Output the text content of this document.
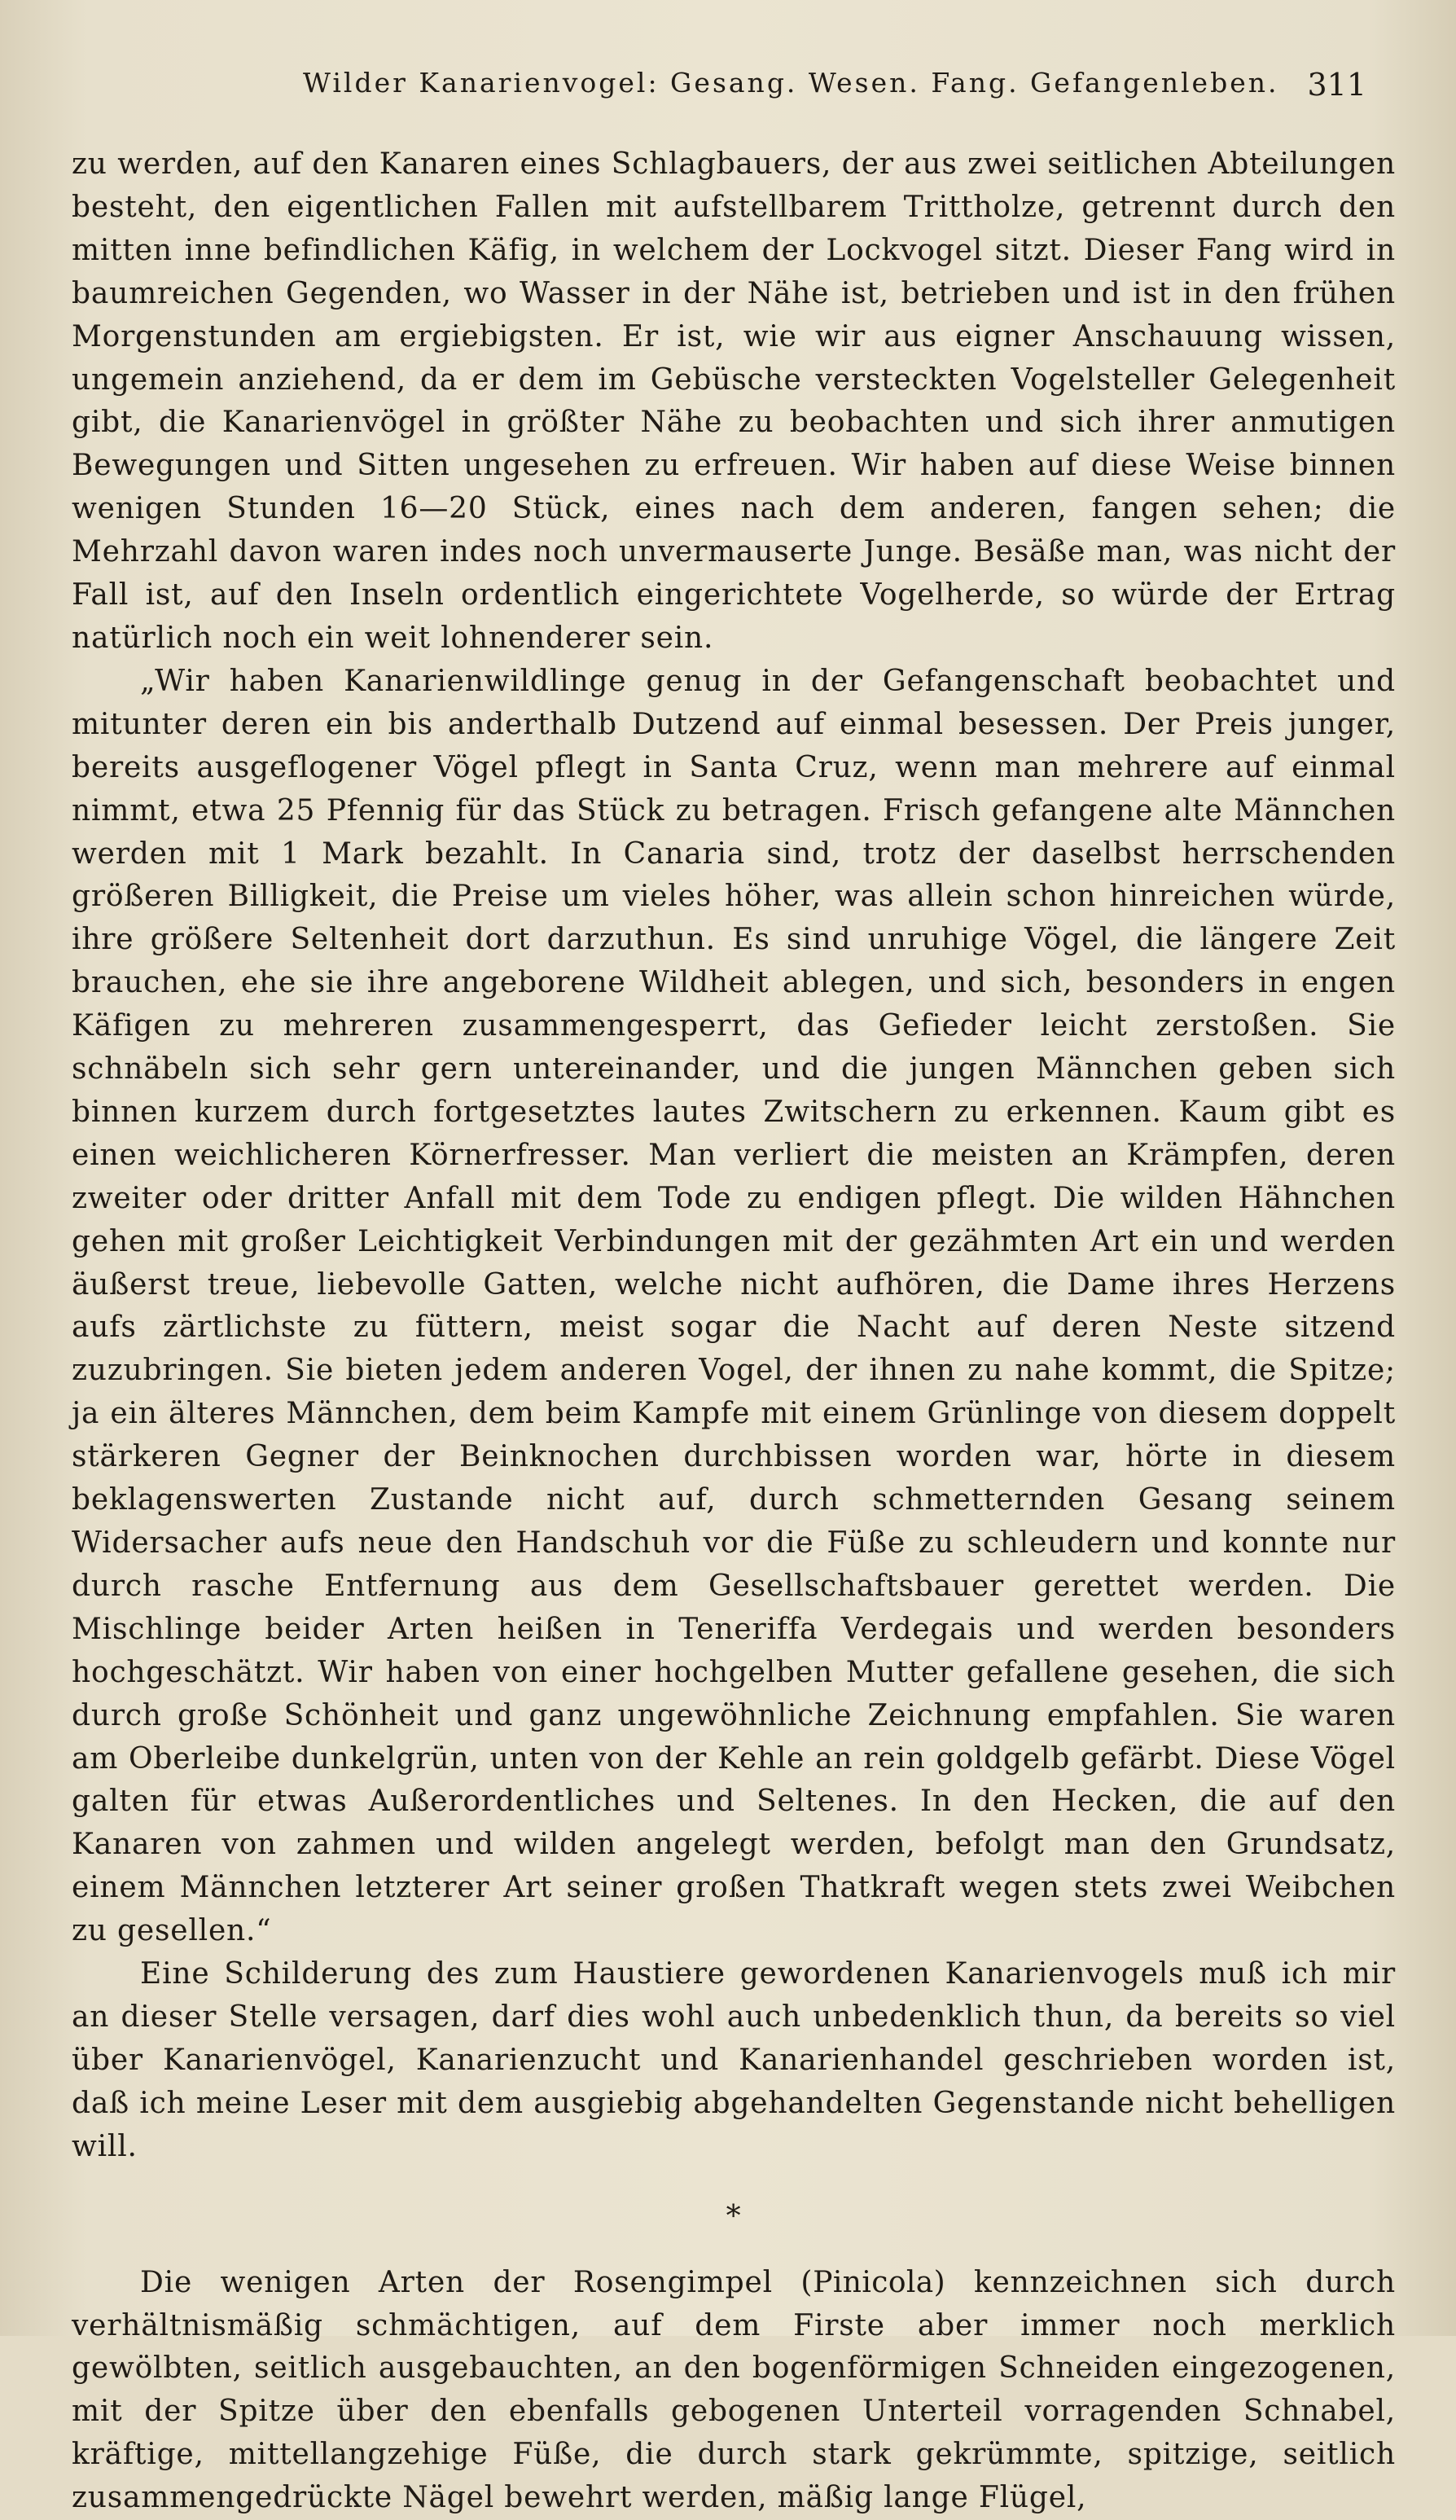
Wilder Kanarienvogel: Gesang. Wesen. Fang. Gefangenleben. 311

zu werden, auf den Kanaren eines Schlagbauers, der aus zwei seitlichen Abteilungen besteht, den eigentlichen Fallen mit aufstellbarem Trittholze, getrennt durch den mitten inne befindlichen Käfig, in welchem der Lockvogel sitzt. Dieser Fang wird in baumreichen Gegenden, wo Wasser in der Nähe ist, betrieben und ist in den frühen Morgenstunden am ergiebigsten. Er ist, wie wir aus eigner Anschauung wissen, ungemein anziehend, da er dem im Gebüsche versteckten Vogelsteller Gelegenheit gibt, die Kanarienvögel in größter Nähe zu beobachten und sich ihrer anmutigen Bewegungen und Sitten ungesehen zu erfreuen. Wir haben auf diese Weise binnen wenigen Stunden 16—20 Stück, eines nach dem anderen, fangen sehen; die Mehrzahl davon waren indes noch unvermauserte Junge. Besäße man, was nicht der Fall ist, auf den Inseln ordentlich eingerichtete Vogelherde, so würde der Ertrag natürlich noch ein weit lohnenderer sein.

„Wir haben Kanarienwildlinge genug in der Gefangenschaft beobachtet und mitunter deren ein bis anderthalb Dutzend auf einmal besessen. Der Preis junger, bereits ausgeflogener Vögel pflegt in Santa Cruz, wenn man mehrere auf einmal nimmt, etwa 25 Pfennig für das Stück zu betragen. Frisch gefangene alte Männchen werden mit 1 Mark bezahlt. In Canaria sind, trotz der daselbst herrschenden größeren Billigkeit, die Preise um vieles höher, was allein schon hinreichen würde, ihre größere Seltenheit dort darzuthun. Es sind unruhige Vögel, die längere Zeit brauchen, ehe sie ihre angeborene Wildheit ablegen, und sich, besonders in engen Käfigen zu mehreren zusammengesperrt, das Gefieder leicht zerstoßen. Sie schnäbeln sich sehr gern untereinander, und die jungen Männchen geben sich binnen kurzem durch fortgesetztes lautes Zwitschern zu erkennen. Kaum gibt es einen weichlicheren Körnerfresser. Man verliert die meisten an Krämpfen, deren zweiter oder dritter Anfall mit dem Tode zu endigen pflegt. Die wilden Hähnchen gehen mit großer Leichtigkeit Verbindungen mit der gezähmten Art ein und werden äußerst treue, liebevolle Gatten, welche nicht aufhören, die Dame ihres Herzens aufs zärtlichste zu füttern, meist sogar die Nacht auf deren Neste sitzend zuzubringen. Sie bieten jedem anderen Vogel, der ihnen zu nahe kommt, die Spitze; ja ein älteres Männchen, dem beim Kampfe mit einem Grünlinge von diesem doppelt stärkeren Gegner der Beinknochen durchbissen worden war, hörte in diesem beklagenswerten Zustande nicht auf, durch schmetternden Gesang seinem Widersacher aufs neue den Handschuh vor die Füße zu schleudern und konnte nur durch rasche Entfernung aus dem Gesellschaftsbauer gerettet werden. Die Mischlinge beider Arten heißen in Teneriffa Verdegais und werden besonders hochgeschätzt. Wir haben von einer hochgelben Mutter gefallene gesehen, die sich durch große Schönheit und ganz ungewöhnliche Zeichnung empfahlen. Sie waren am Oberleibe dunkelgrün, unten von der Kehle an rein goldgelb gefärbt. Diese Vögel galten für etwas Außerordentliches und Seltenes. In den Hecken, die auf den Kanaren von zahmen und wilden angelegt werden, befolgt man den Grundsatz, einem Männchen letzterer Art seiner großen Thatkraft wegen stets zwei Weibchen zu gesellen.“

Eine Schilderung des zum Haustiere gewordenen Kanarienvogels muß ich mir an dieser Stelle versagen, darf dies wohl auch unbedenklich thun, da bereits so viel über Kanarienvögel, Kanarienzucht und Kanarienhandel geschrieben worden ist, daß ich meine Leser mit dem ausgiebig abgehandelten Gegenstande nicht behelligen will.

*

Die wenigen Arten der Rosengimpel (Pinicola) kennzeichnen sich durch verhältnismäßig schmächtigen, auf dem Firste aber immer noch merklich gewölbten, seitlich ausgebauchten, an den bogenförmigen Schneiden eingezogenen, mit der Spitze über den ebenfalls gebogenen Unterteil vorragenden Schnabel, kräftige, mittellangzehige Füße, die durch stark gekrümmte, spitzige, seitlich zusammengedrückte Nägel bewehrt werden, mäßig lange Flügel,
